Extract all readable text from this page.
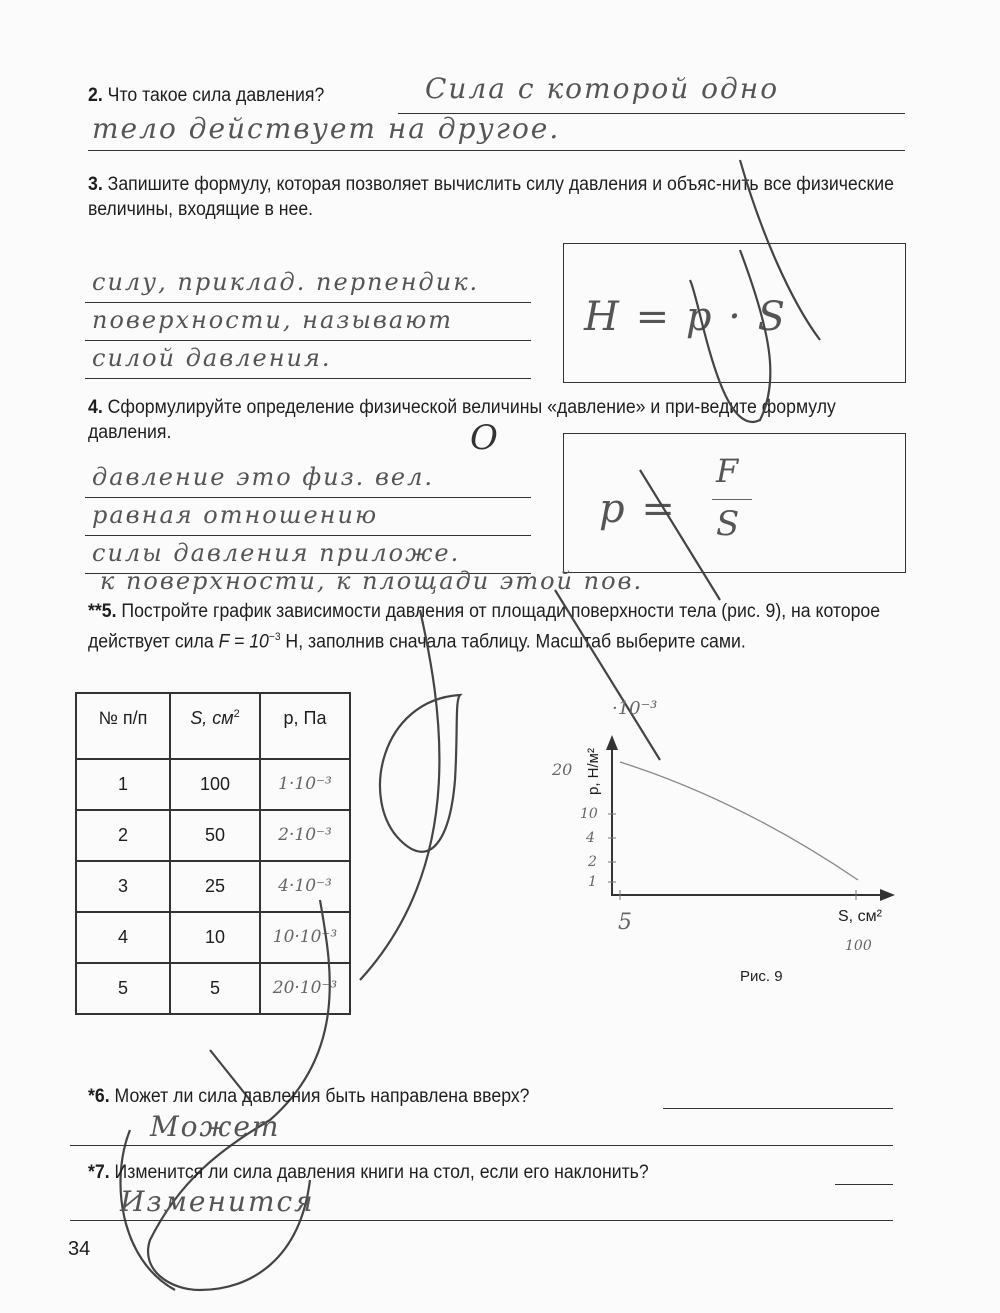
2. Что такое сила давления?	Сила с которой одно
тело действует на другое.
3. Запишите формулу, которая позволяет вычислить силу давления и объяс-нить все физические величины, входящие в нее.
H = p · S
силу, приклад. перпендик.
поверхности, называют
силой давления.
4. Сформулируйте определение физической величины «давление» и при-ведите формулу давления.	O
p =
F
S
давление это физ. вел.
равная отношению
силы давления приложе.
к поверхности, к площади этой пов.
**5. Постройте график зависимости давления от площади поверхности тела (рис. 9), на которое действует сила $F = 10^{-3}$ Н, заполнив сначала таблицу. Масштаб выберите сами.
№ п/п	S, $см^2$	p, Па
1	100	1·10⁻³
2	50	2·10⁻³
3	25	4·10⁻³
4	10	10·10⁻³
5	5	20·10⁻³
p, Н/м²
·10⁻³
20
10
4
2
1
5
100
S, см²
Рис. 9
*6. Может ли сила давления быть направлена вверх?
Может
*7. Изменится ли сила давления книги на стол, если его наклонить?
Изменится
34
